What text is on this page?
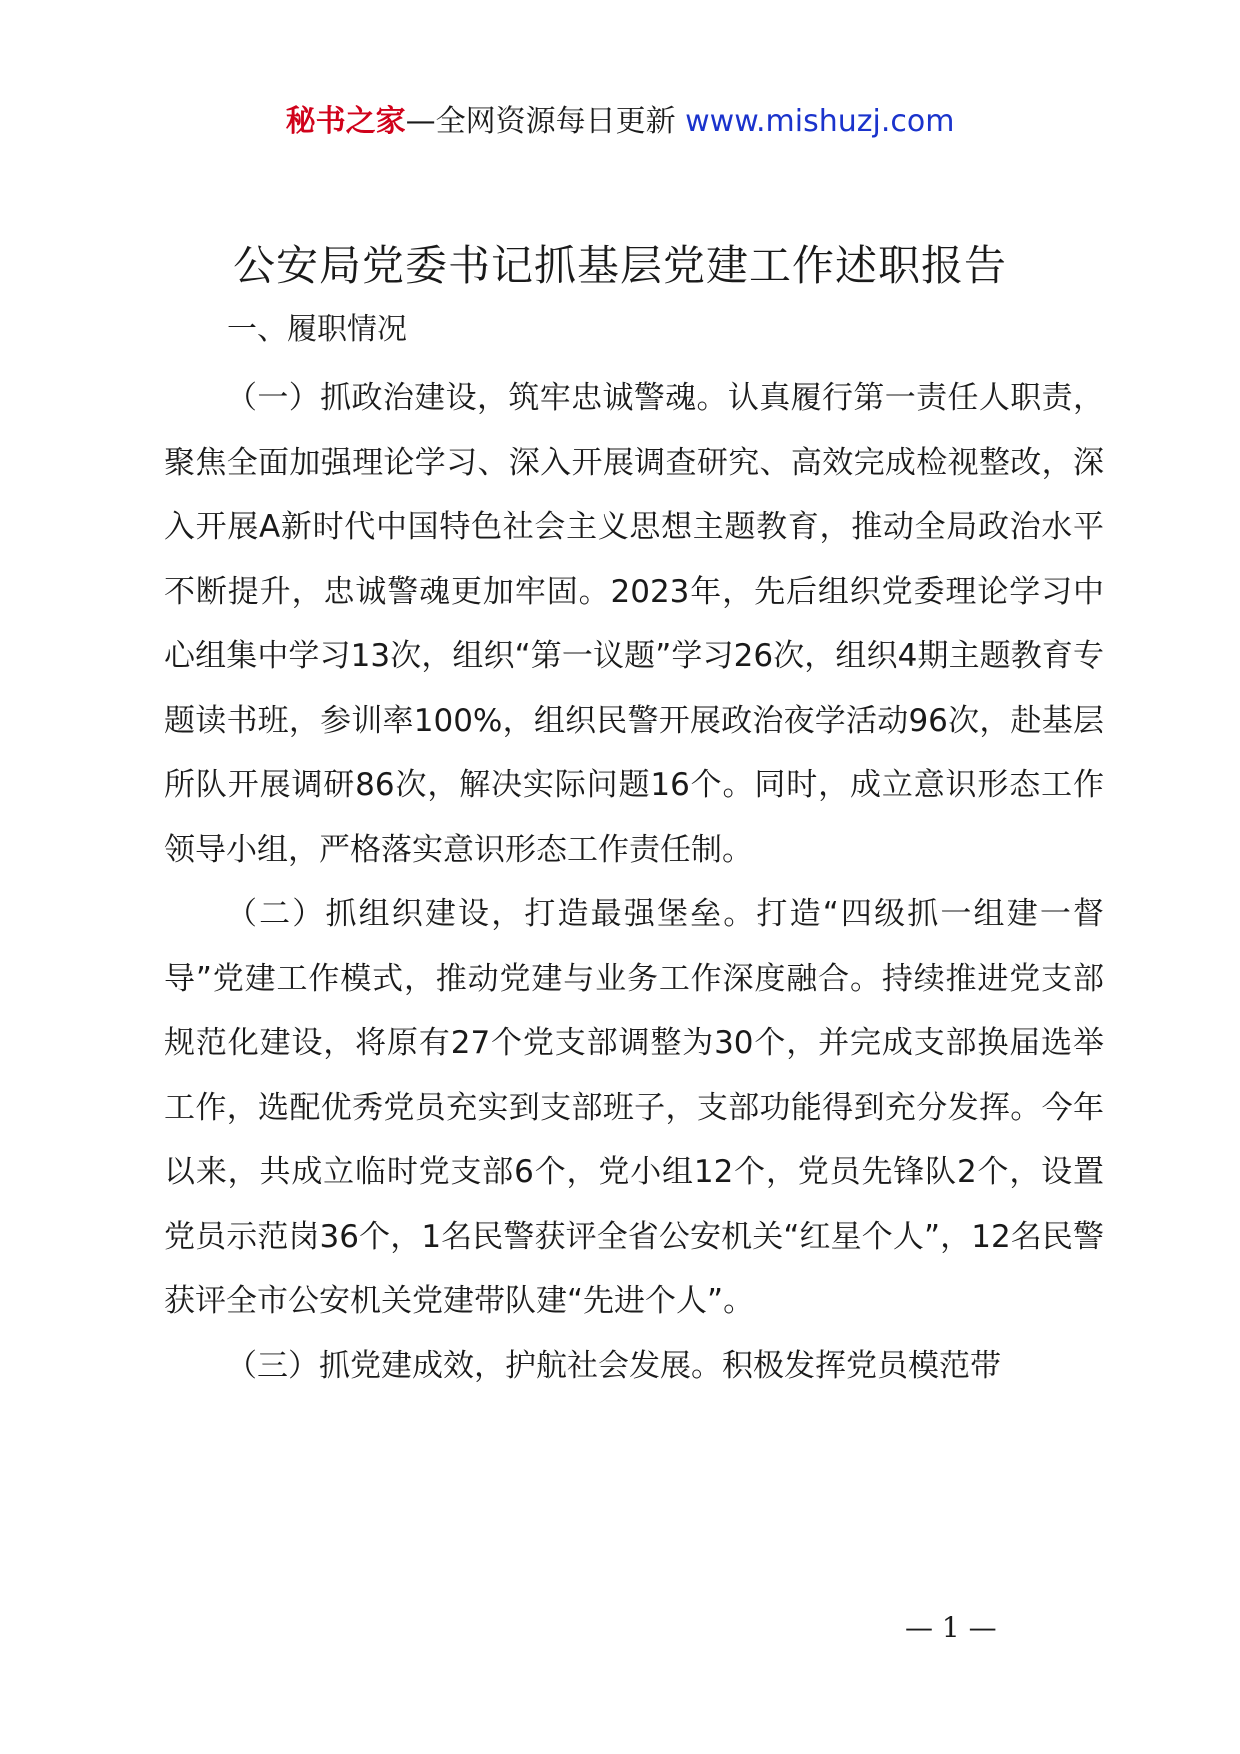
秘书之家—全网资源每日更新 www.mishuzj.com
公安局党委书记抓基层党建工作述职报告
一、履职情况

（一）抓政治建设，筑牢忠诚警魂。认真履行第一责任人职责，聚焦全面加强理论学习、深入开展调查研究、高效完成检视整改，深入开展A新时代中国特色社会主义思想主题教育，推动全局政治水平不断提升，忠诚警魂更加牢固。2023年，先后组织党委理论学习中心组集中学习13次，组织“第一议题”学习26次，组织4期主题教育专题读书班，参训率100%，组织民警开展政治夜学活动96次，赴基层所队开展调研86次，解决实际问题16个。同时，成立意识形态工作领导小组，严格落实意识形态工作责任制。

（二）抓组织建设，打造最强堡垒。打造“四级抓一组建一督导”党建工作模式，推动党建与业务工作深度融合。持续推进党支部规范化建设，将原有27个党支部调整为30个，并完成支部换届选举工作，选配优秀党员充实到支部班子，支部功能得到充分发挥。今年以来，共成立临时党支部6个，党小组12个，党员先锋队2个，设置党员示范岗36个，1名民警获评全省公安机关“红星个人”，12名民警获评全市公安机关党建带队建“先进个人”。

（三）抓党建成效，护航社会发展。积极发挥党员模范带

— 1 —
